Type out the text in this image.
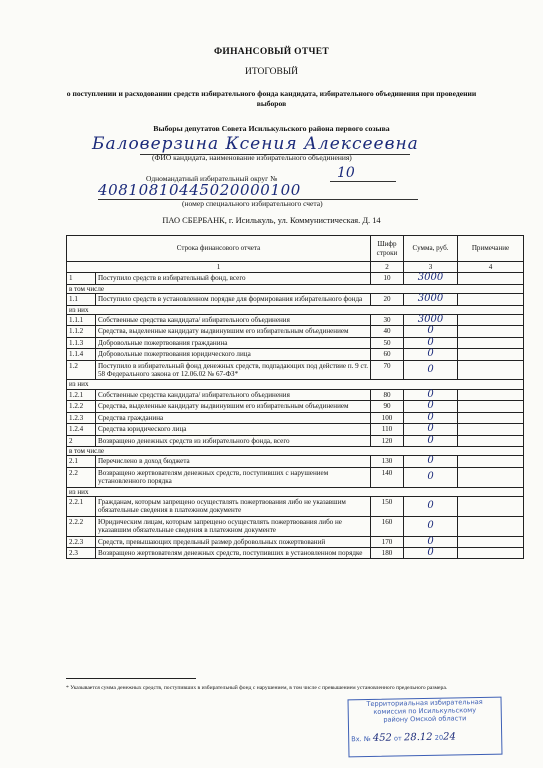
ФИНАНСОВЫЙ ОТЧЕТ
ИТОГОВЫЙ
о поступлении и расходовании средств избирательного фонда кандидата, избирательного объединения при проведении выборов
Выборы депутатов Совета Исилькульского района первого созыва
Баловерзина Ксения Алексеевна
(ФИО кандидата, наименование избирательного объединения)
Одномандатный избирательный округ №	10
40810810445020000100
(номер специального избирательного счета)
ПАО СБЕРБАНК, г. Исилькуль, ул. Коммунистическая. Д. 14
Строка финансового отчета		Шифр строки	Сумма, руб.	Примечание
1		2	3	4
1	Поступило средств в избирательный фонд, всего	10	3000	
в том числе				
1.1	Поступило средств в установленном порядке для формирования избирательного фонда	20	3000	
из них				
1.1.1	Собственные средства кандидата/ избирательного объединения	30	3000	
1.1.2	Средства, выделенные кандидату выдвинувшим его избирательным объединением	40	0	
1.1.3	Добровольные пожертвования гражданина	50	0	
1.1.4	Добровольные пожертвования юридического лица	60	0	
1.2	Поступило в избирательный фонд денежных средств, подпадающих под действие п. 9 ст. 58 Федерального закона от 12.06.02 № 67-ФЗ*	70	0	
из них				
1.2.1	Собственные средства кандидата/ избирательного объединения	80	0	
1.2.2	Средства, выделенные кандидату выдвинувшим его избирательным объединением	90	0	
1.2.3	Средства гражданина	100	0	
1.2.4	Средства юридического лица	110	0	
2	Возвращено денежных средств из избирательного фонда, всего	120	0	
в том числе				
2.1	Перечислено в доход бюджета	130	0	
2.2	Возвращено жертвователям денежных средств, поступивших с нарушением установленного порядка	140	0	
из них				
2.2.1	Гражданам, которым запрещено осуществлять пожертвования либо не указавшим обязательные сведения в платежном документе	150	0	
2.2.2	Юридическим лицам, которым запрещено осуществлять пожертвования либо не указавшим обязательные сведения в платежном документе	160	0	
2.2.3	Средств, превышающих предельный размер добровольных пожертвований	170	0	
2.3	Возвращено жертвователям денежных средств, поступивших в установленном порядке	180	0	
* Указывается сумма денежных средств, поступивших в избирательный фонд с нарушением, в том числе с превышением установленного предельного размера.
Территориальная избирательная
комиссия по Исилькульскому
району Омской области
Вх. № 452 от 28.12 2024
